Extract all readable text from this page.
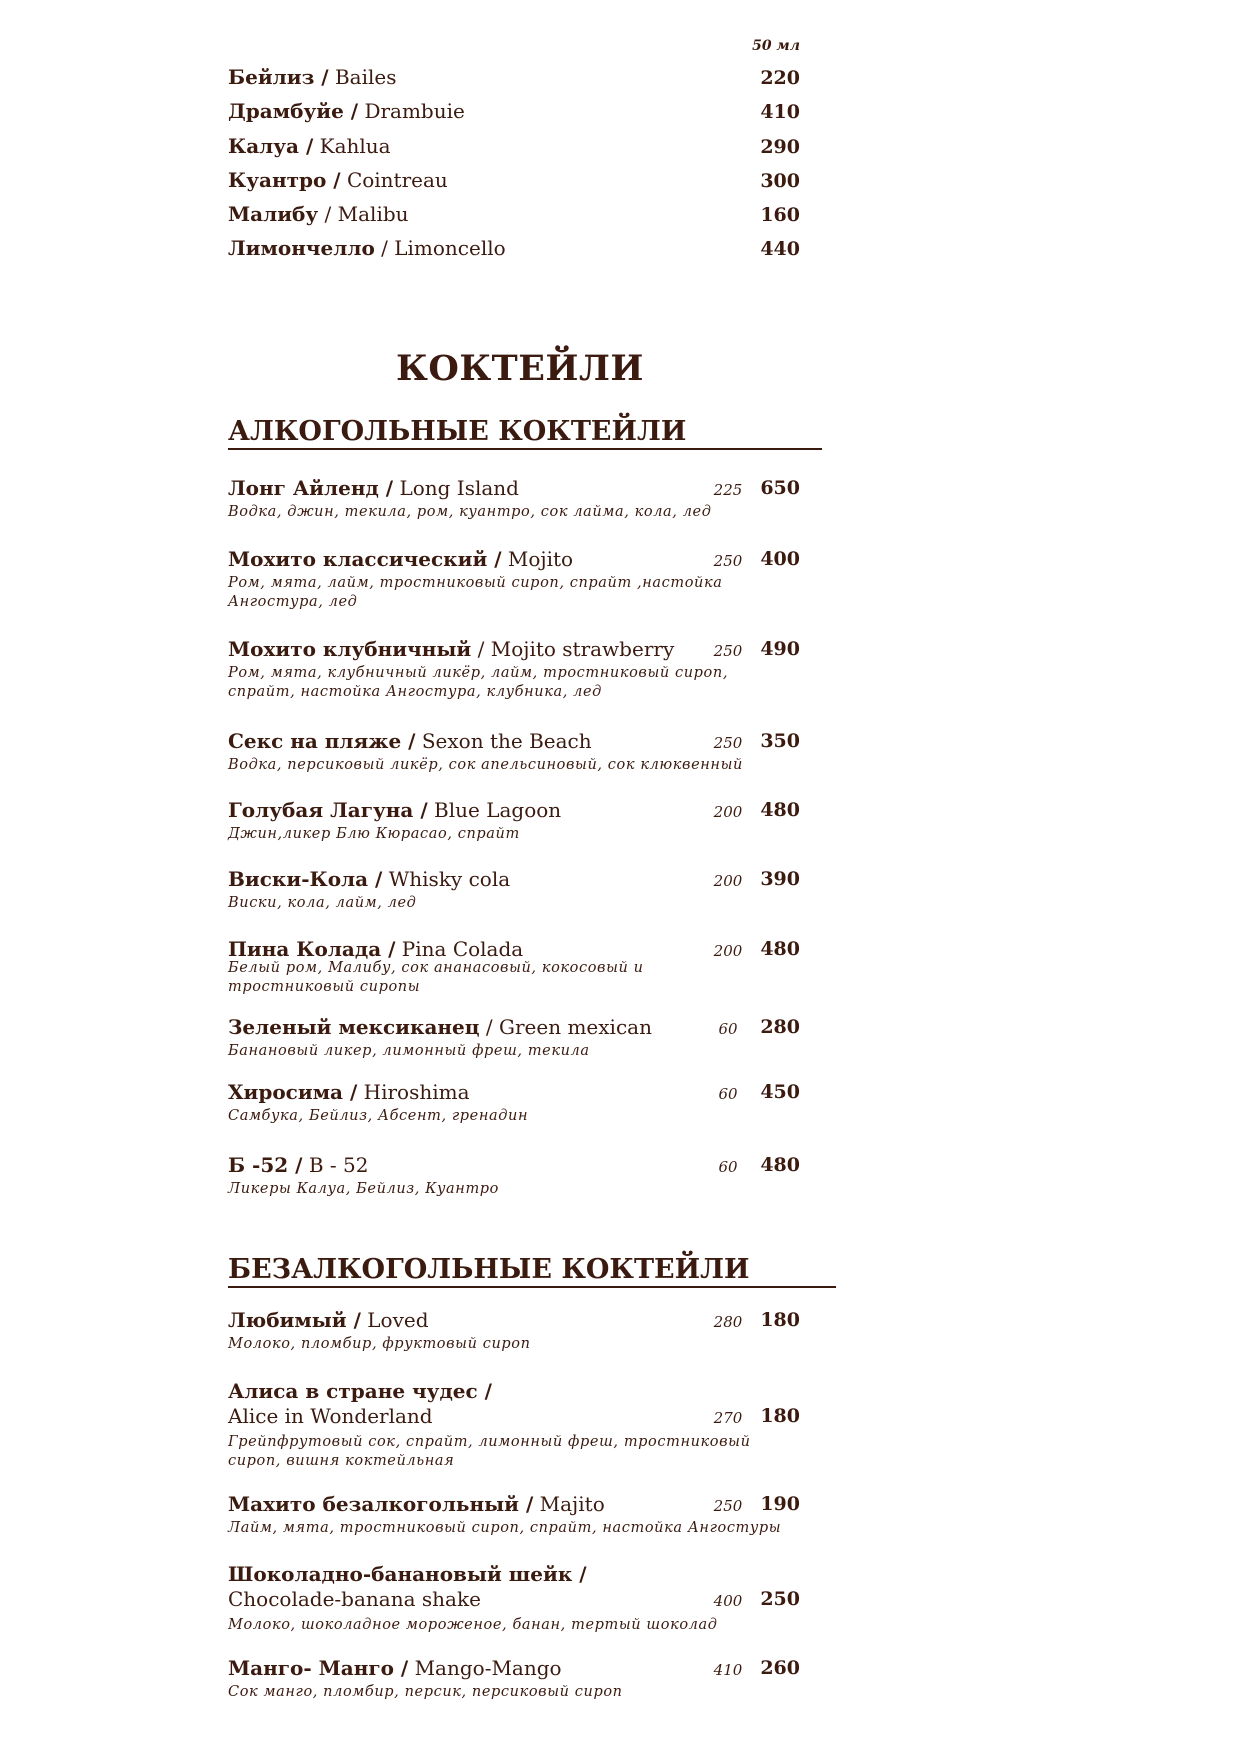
50 мл
Бейлиз / Bailes	220
Драмбуйе / Drambuie	410
Калуа / Kahlua	290
Куантро / Cointreau	300
Малибу / Malibu	160
Лимончелло / Limoncello	440
КОКТЕЙЛИ
АЛКОГОЛЬНЫЕ КОКТЕЙЛИ
Лонг Айленд / Long Island
Водка, джин, текила, ром, куантро, сок лайма, кола, лед
225 650
Мохито классический / Mojito
Ром, мята, лайм, тростниковый сироп, спрайт ,настойка Ангостура, лед
250 400
Мохито клубничный / Mojito strawberry
Ром, мята, клубничный ликёр, лайм, тростниковый сироп, спрайт, настойка Ангостура, клубника, лед
250 490
Секс на пляже / Sexon the Beach
Водка, персиковый ликёр, сок апельсиновый, сок клюквенный
250 350
Голубая Лагуна / Blue Lagoon
Джин,ликер Блю Кюрасао, спрайт
200 480
Виски-Кола / Whisky cola
Виски, кола, лайм, лед
200 390
Пина Колада / Pina Colada
Белый ром, Малибу, сок ананасовый, кокосовый и тростниковый сиропы
200 480
Зеленый мексиканец / Green mexican
Банановый ликер, лимонный фреш, текила
60	280
Хиросима / Hiroshima
Самбука, Бейлиз, Абсент, гренадин
60	450
Б -52 / B - 52
Ликеры Калуа, Бейлиз, Куантро
60	480
БЕЗАЛКОГОЛЬНЫЕ КОКТЕЙЛИ
Любимый / Loved
Молоко, пломбир, фруктовый сироп
280 180
Алиса в стране чудес /
Alice in Wonderland
Грейпфрутовый сок, спрайт, лимонный фреш, тростниковый сироп, вишня коктейльная
270 180
Махито безалкогольный / Majito
Лайм, мята, тростниковый сироп, спрайт, настойка Ангостуры
250 190
Шоколадно-банановый шейк /
Chocolade-banana shake
Молоко, шоколадное мороженое, банан, тертый шоколад
400 250
Манго- Манго / Mango-Mango
Сок манго, пломбир, персик, персиковый сироп
410 260
